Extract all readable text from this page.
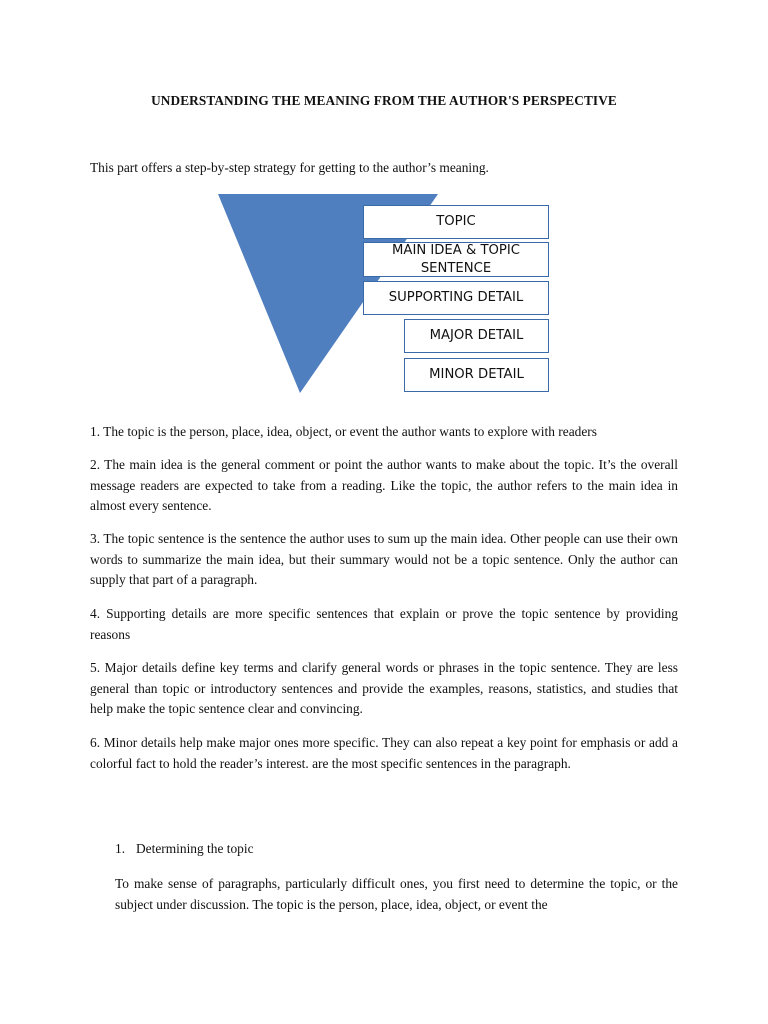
UNDERSTANDING THE MEANING FROM THE AUTHOR'S PERSPECTIVE
This part offers a step-by-step strategy for getting to the author’s meaning.
TOPIC
MAIN IDEA & TOPIC SENTENCE
SUPPORTING DETAIL
MAJOR DETAIL
MINOR DETAIL
1. The topic is the person, place, idea, object, or event the author wants to explore with readers
2. The main idea is the general comment or point the author wants to make about the topic. It’s the overall message readers are expected to take from a reading. Like the topic, the author refers to the main idea in almost every sentence.
3. The topic sentence is the sentence the author uses to sum up the main idea. Other people can use their own words to summarize the main idea, but their summary would not be a topic sentence. Only the author can supply that part of a paragraph.
4. Supporting details are more specific sentences that explain or prove the topic sentence by providing reasons
5. Major details define key terms and clarify general words or phrases in the topic sentence. They are less general than topic or introductory sentences and provide the examples, reasons, statistics, and studies that help make the topic sentence clear and convincing.
6. Minor details help make major ones more specific. They can also repeat a key point for emphasis or add a colorful fact to hold the reader’s interest. are the most specific sentences in the paragraph.
1. Determining the topic
To make sense of paragraphs, particularly difficult ones, you first need to determine the topic, or the subject under discussion. The topic is the person, place, idea, object, or event the
